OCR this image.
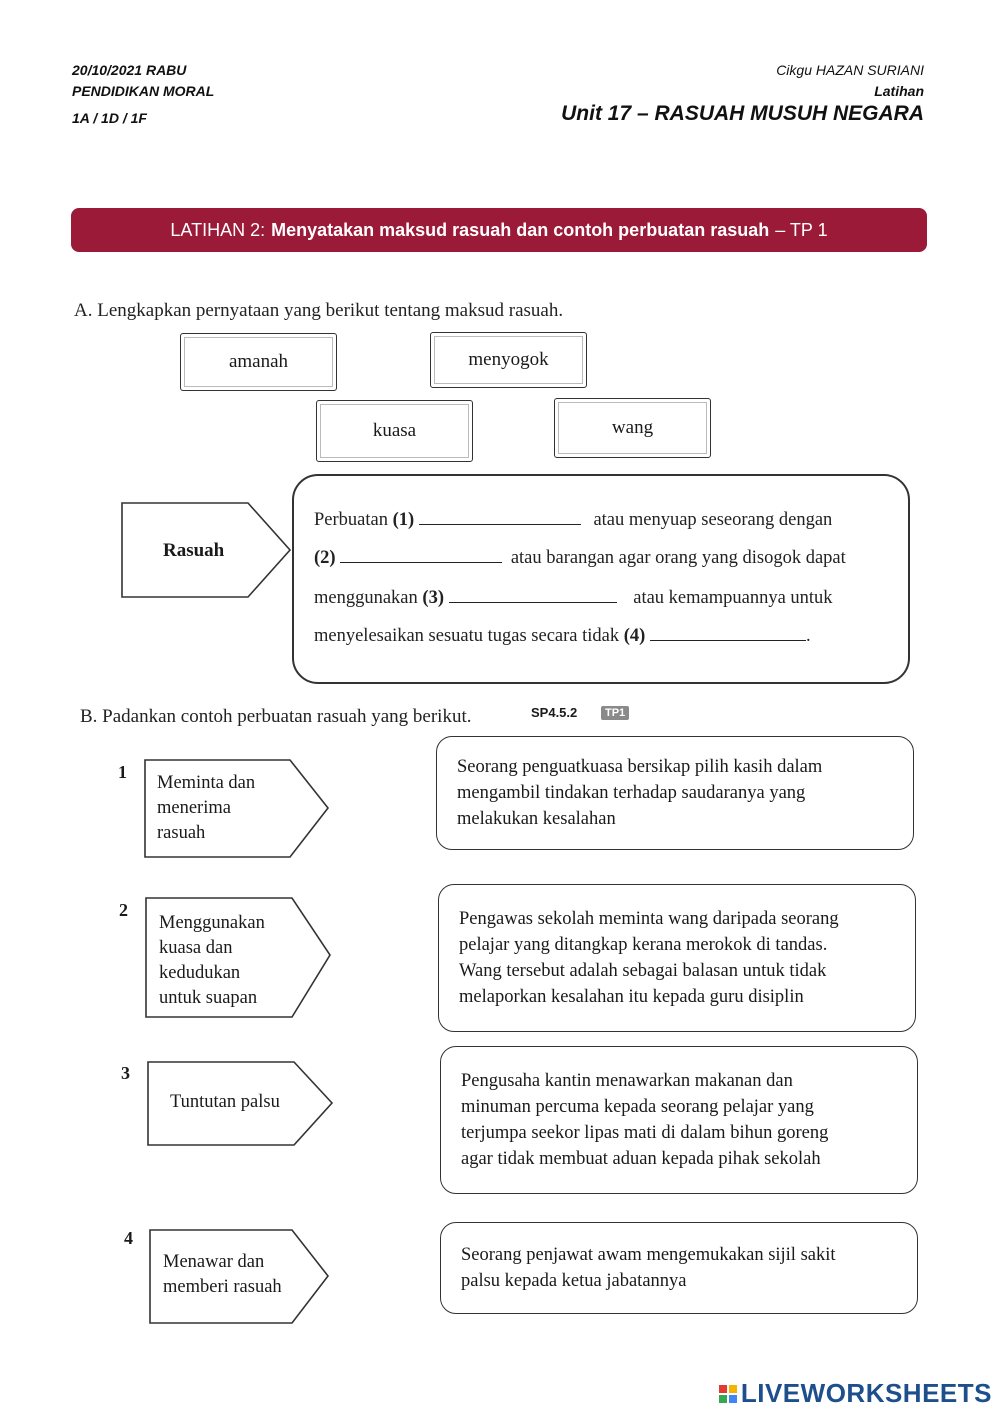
20/10/2021 RABU
PENDIDIKAN MORAL
1A / 1D / 1F
Cikgu HAZAN SURIANI
Latihan
Unit 17 – RASUAH MUSUH NEGARA
LATIHAN 2: Menyatakan maksud rasuah dan contoh perbuatan rasuah – TP 1
A. Lengkapkan pernyataan yang berikut tentang maksud rasuah.
amanah	menyogok
kuasa	wang
Rasuah
Perbuatan (1)	atau menyuap seseorang dengan
(2)	atau barangan agar orang yang disogok dapat
menggunakan (3)	atau kemampuannya untuk
menyelesaikan sesuatu tugas secara tidak (4)	.
B. Padankan contoh perbuatan rasuah yang berikut.	SP4.5.2	TP1
1
Meminta dan
menerima
rasuah
Seorang penguatkuasa bersikap pilih kasih dalam
mengambil tindakan terhadap saudaranya yang
melakukan kesalahan
2
Menggunakan
kuasa dan
kedudukan
untuk suapan
Pengawas sekolah meminta wang daripada seorang
pelajar yang ditangkap kerana merokok di tandas.
Wang tersebut adalah sebagai balasan untuk tidak
melaporkan kesalahan itu kepada guru disiplin
3
Tuntutan palsu
Pengusaha kantin menawarkan makanan dan
minuman percuma kepada seorang pelajar yang
terjumpa seekor lipas mati di dalam bihun goreng
agar tidak membuat aduan kepada pihak sekolah
4
Menawar dan
memberi rasuah
Seorang penjawat awam mengemukakan sijil sakit
palsu kepada ketua jabatannya
LIVEWORKSHEETS
